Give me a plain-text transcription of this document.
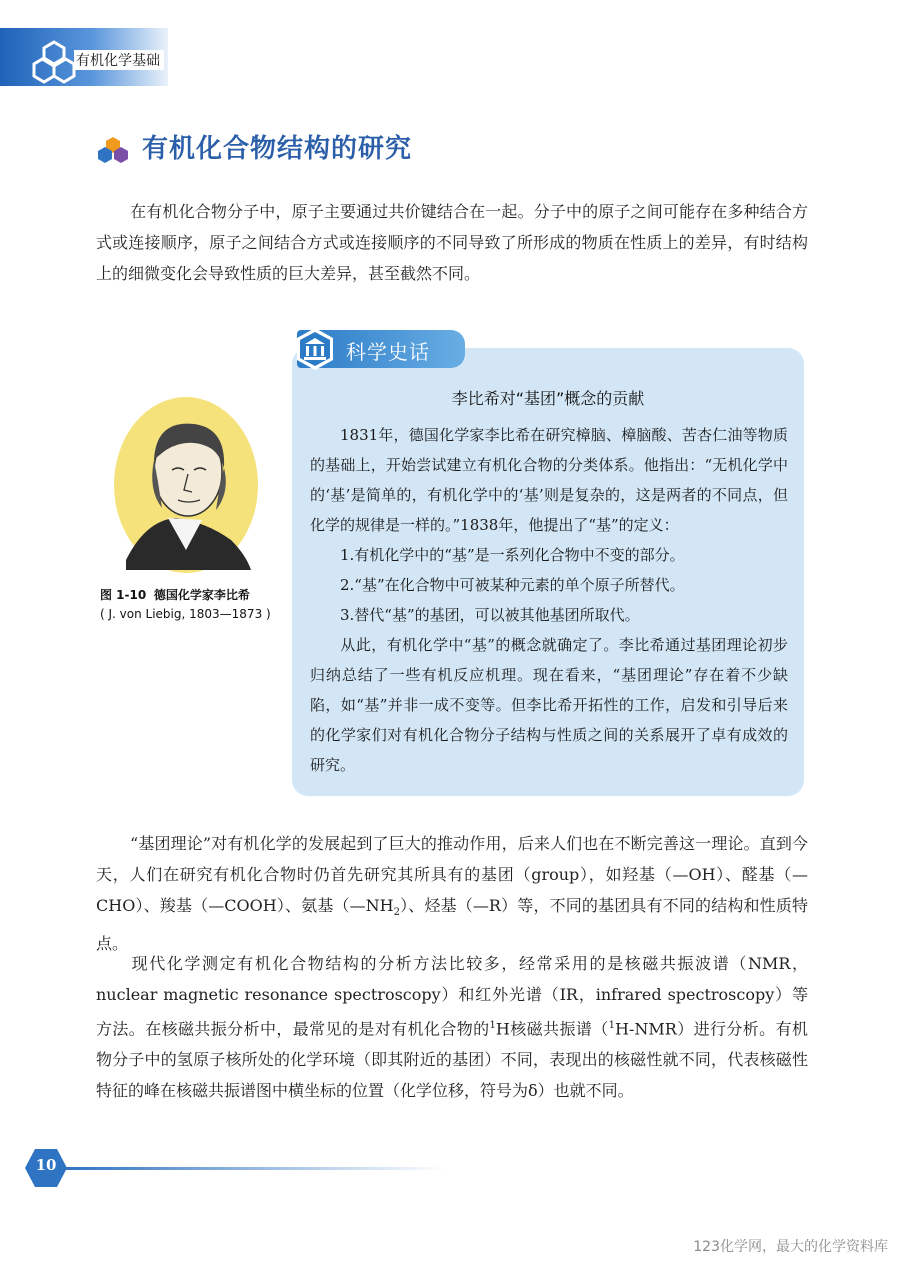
有机化学基础
有机化合物结构的研究
在有机化合物分子中，原子主要通过共价键结合在一起。分子中的原子之间可能存在多种结合方式或连接顺序，原子之间结合方式或连接顺序的不同导致了所形成的物质在性质上的差异，有时结构上的细微变化会导致性质的巨大差异，甚至截然不同。
图 1-10 德国化学家李比希
( J. von Liebig, 1803—1873 )
科学史话
李比希对“基团”概念的贡献

1831年，德国化学家李比希在研究樟脑、樟脑酸、苦杏仁油等物质的基础上，开始尝试建立有机化合物的分类体系。他指出：“无机化学中的‘基’是简单的，有机化学中的‘基’则是复杂的，这是两者的不同点，但化学的规律是一样的。”1838年，他提出了“基”的定义：

1.有机化学中的“基”是一系列化合物中不变的部分。

2.“基”在化合物中可被某种元素的单个原子所替代。

3.替代“基”的基团，可以被其他基团所取代。

从此，有机化学中“基”的概念就确定了。李比希通过基团理论初步归纳总结了一些有机反应机理。现在看来，“基团理论”存在着不少缺陷，如“基”并非一成不变等。但李比希开拓性的工作，启发和引导后来的化学家们对有机化合物分子结构与性质之间的关系展开了卓有成效的研究。

“基团理论”对有机化学的发展起到了巨大的推动作用，后来人们也在不断完善这一理论。直到今天，人们在研究有机化合物时仍首先研究其所具有的基团（group），如羟基（—OH）、醛基（—CHO）、羧基（—COOH）、氨基$(—NH_2)$、烃基（—R）等，不同的基团具有不同的结构和性质特点。
现代化学测定有机化合物结构的分析方法比较多，经常采用的是核磁共振波谱（NMR，nuclear magnetic resonance spectroscopy）和红外光谱（IR，infrared spectroscopy）等方法。在核磁共振分析中，最常见的是对有机化合物的$^1$H核磁共振谱（$^1$H-NMR）进行分析。有机物分子中的氢原子核所处的化学环境（即其附近的基团）不同，表现出的核磁性就不同，代表核磁性特征的峰在核磁共振谱图中横坐标的位置（化学位移，符号为δ）也就不同。
10
123化学网，最大的化学资料库
